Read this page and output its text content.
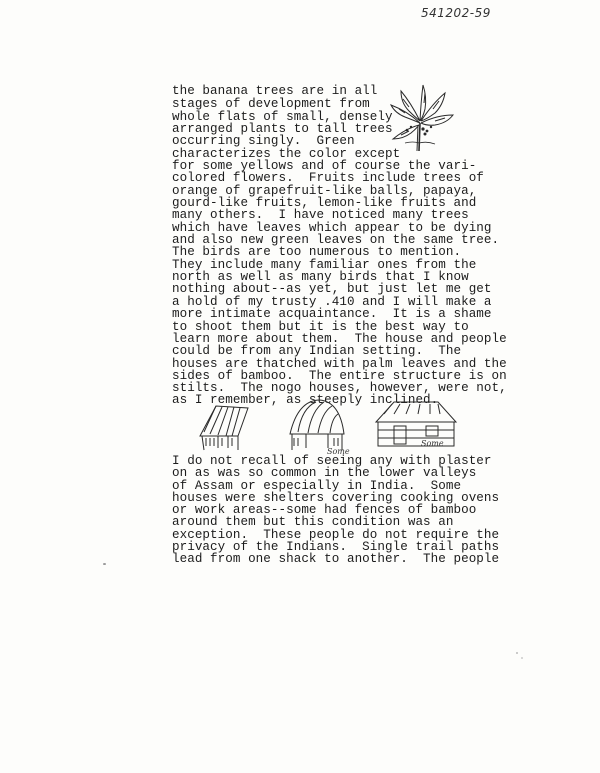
541202-59
the banana trees are in all
stages of development from
whole flats of small, densely
arranged plants to tall trees
occurring singly.  Green
characterizes the color except
for some yellows and of course the vari-
colored flowers.  Fruits include trees of
orange of grapefruit-like balls, papaya,
gourd-like fruits, lemon-like fruits and
many others.  I have noticed many trees
which have leaves which appear to be dying
and also new green leaves on the same tree.
The birds are too numerous to mention.
They include many familiar ones from the
north as well as many birds that I know
nothing about--as yet, but just let me get
a hold of my trusty .410 and I will make a
more intimate acquaintance.  It is a shame
to shoot them but it is the best way to
learn more about them.  The house and people
could be from any Indian setting.  The
houses are thatched with palm leaves and the
sides of bamboo.  The entire structure is on
stilts.  The nogo houses, however, were not,
as I remember, as steeply inclined.
Some
Some
I do not recall of seeing any with plaster
on as was so common in the lower valleys
of Assam or especially in India.  Some
houses were shelters covering cooking ovens
or work areas--some had fences of bamboo
around them but this condition was an
exception.  These people do not require the
privacy of the Indians.  Single trail paths
lead from one shack to another.  The people
